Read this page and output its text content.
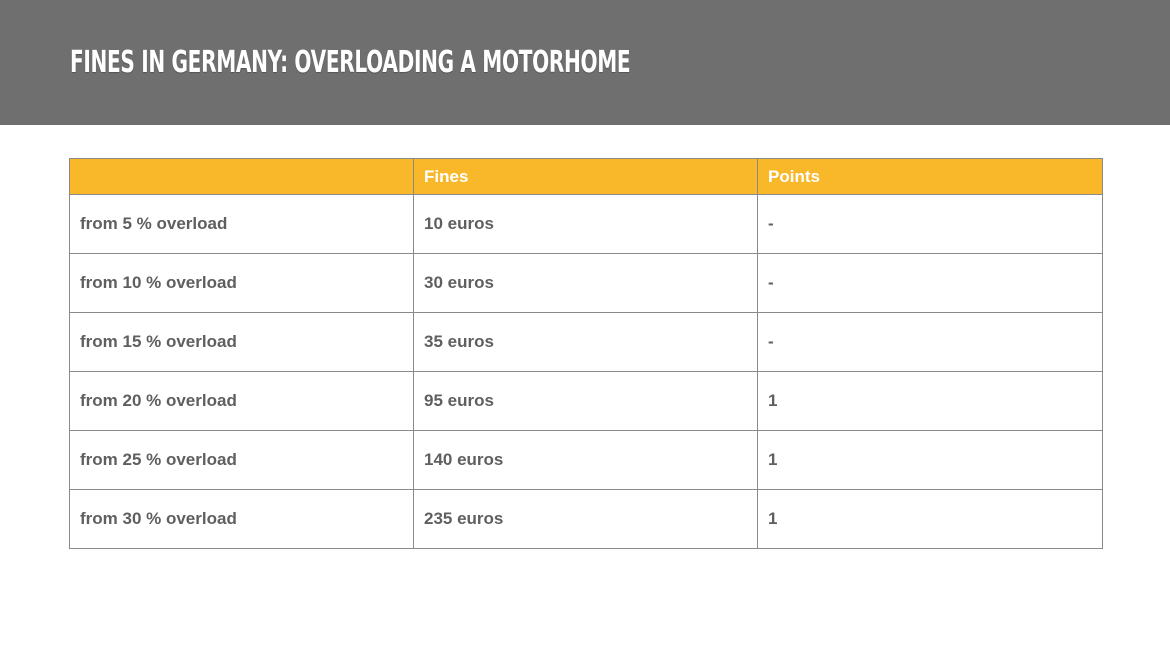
FINES IN GERMANY: OVERLOADING A MOTORHOME
	Fines	Points
from 5 % overload	10 euros	-
from 10 % overload	30 euros	-
from 15 % overload	35 euros	-
from 20 % overload	95 euros	1
from 25 % overload	140 euros	1
from 30 % overload	235 euros	1
